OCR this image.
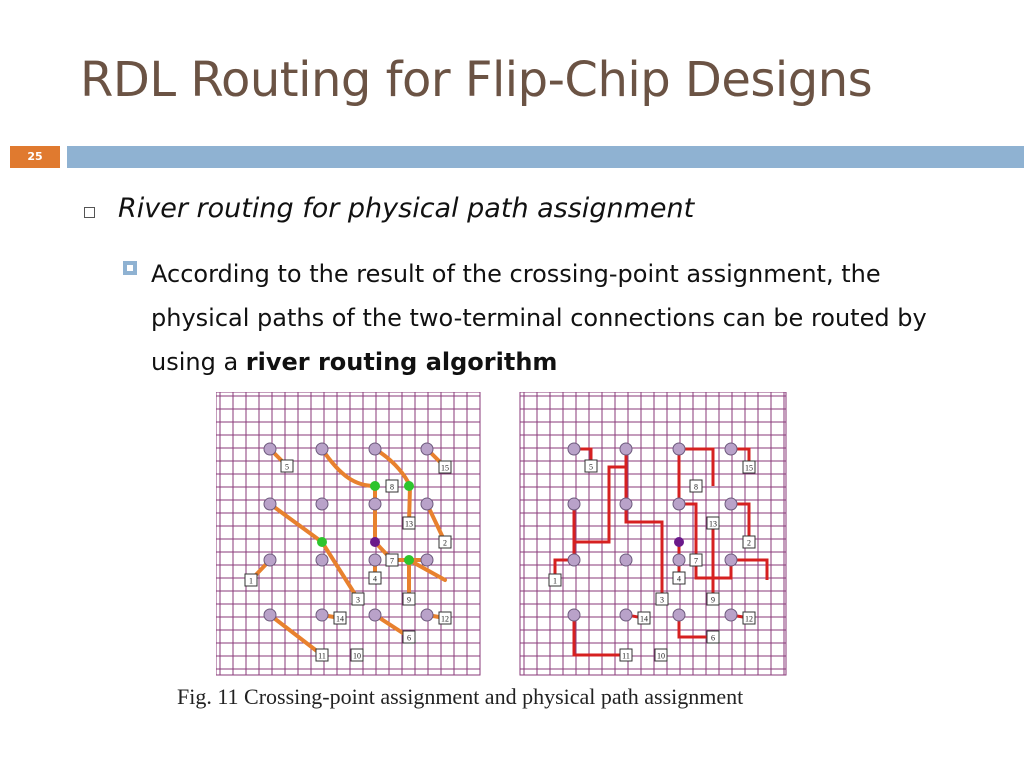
RDL Routing for Flip-Chip Designs
25
River routing for physical path assignment
According to the result of the crossing-point assignment, the physical paths of the two-terminal connections can be routed by using a river routing algorithm
5	15
8
13
2
1	4
7
3	9
14	12
6
11	10
5	15
8
13
2
1	4
7
3	9
14	12
6
11	10
Fig. 11 Crossing-point assignment and physical path assignment
